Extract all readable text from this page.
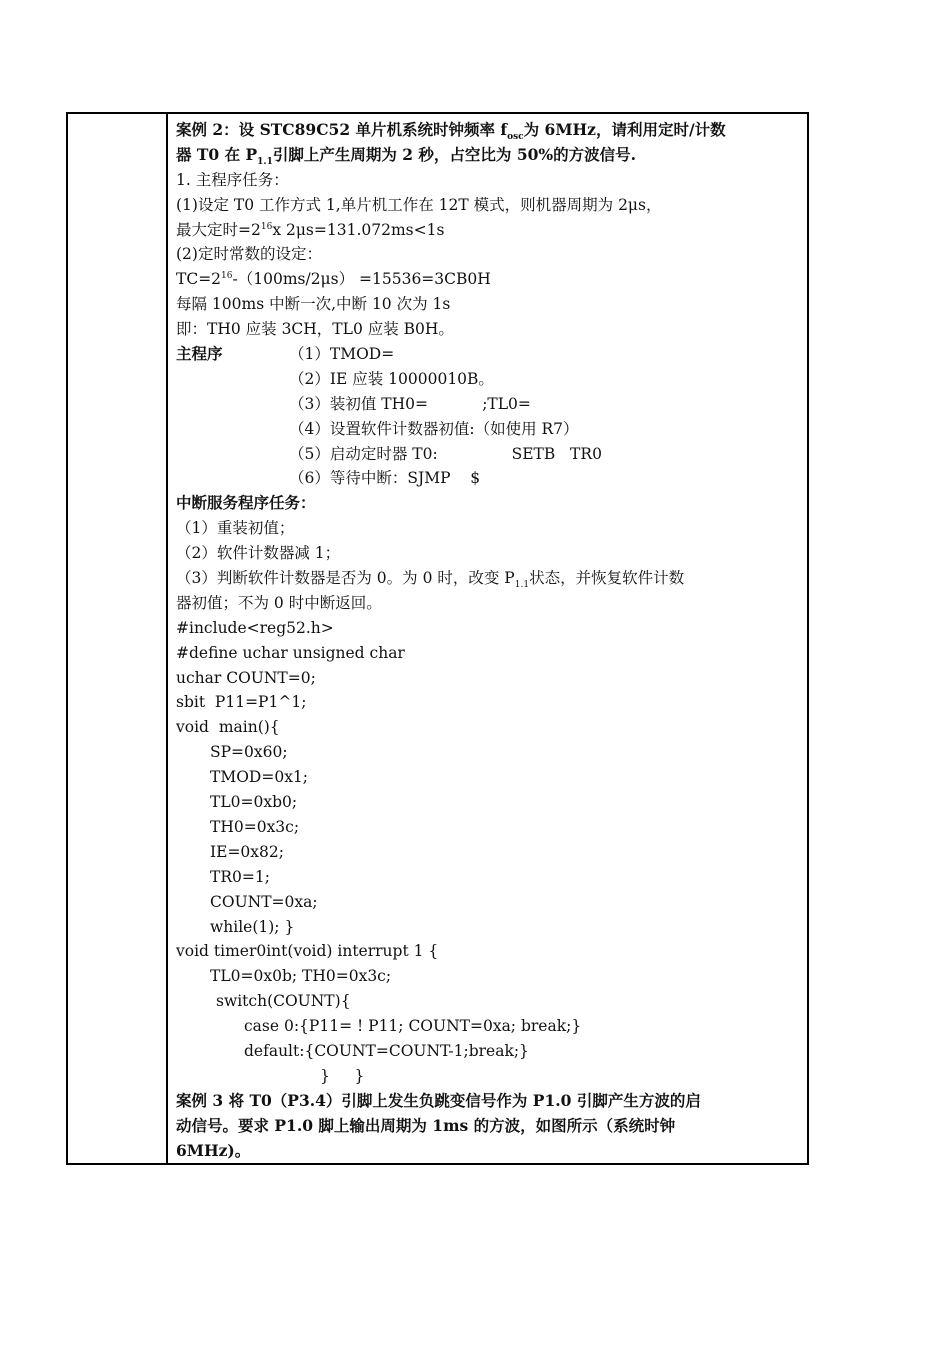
案例 2：设 STC89C52 单片机系统时钟频率 $f_{osc}$为 6MHz，请利用定时/计数
器 T0 在 $P_{1.1}$引脚上产生周期为 2 秒，占空比为 50%的方波信号.
1. 主程序任务：
(1)设定 T0 工作方式 1,单片机工作在 12T 模式，则机器周期为 2μs，
最大定时$=2^{16}x$ 2μs=131.072ms<1s
(2)定时常数的设定：
$TC=2^{16}-(100ms/2\mu s) =15536=3CB0H$
每隔 100ms 中断一次,中断 10 次为 1s
即：TH0 应装 3CH，TL0 应装 B0H。
主程序	（1）TMOD=
（2）IE 应装 10000010B。
（3）装初值 TH0=           ;TL0=
（4）设置软件计数器初值:（如使用 R7）
（5）启动定时器 T0:               SETB   TR0
（6）等待中断：SJMP    $
中断服务程序任务：
（1）重装初值；
（2）软件计数器减 1；
（3）判断软件计数器是否为 0。为 0 时，改变 $P_{1.1}$状态，并恢复软件计数
器初值；不为 0 时中断返回。
#include<reg52.h>
#define uchar unsigned char
uchar COUNT=0;
sbit  P11=P1^1;
void  main(){
SP=0x60;
TMOD=0x1;
TL0=0xb0;
TH0=0x3c;
IE=0x82;
TR0=1;
COUNT=0xa;
while(1); }
void timer0int(void) interrupt 1 {
TL0=0x0b; TH0=0x3c;
switch(COUNT){
case 0:{P11= ! P11; COUNT=0xa; break;}
default:{COUNT=COUNT-1;break;}
}     }
案例 3 将 T0（P3.4）引脚上发生负跳变信号作为 P1.0 引脚产生方波的启
动信号。要求 P1.0 脚上输出周期为 1ms 的方波，如图所示（系统时钟
6MHz)。
